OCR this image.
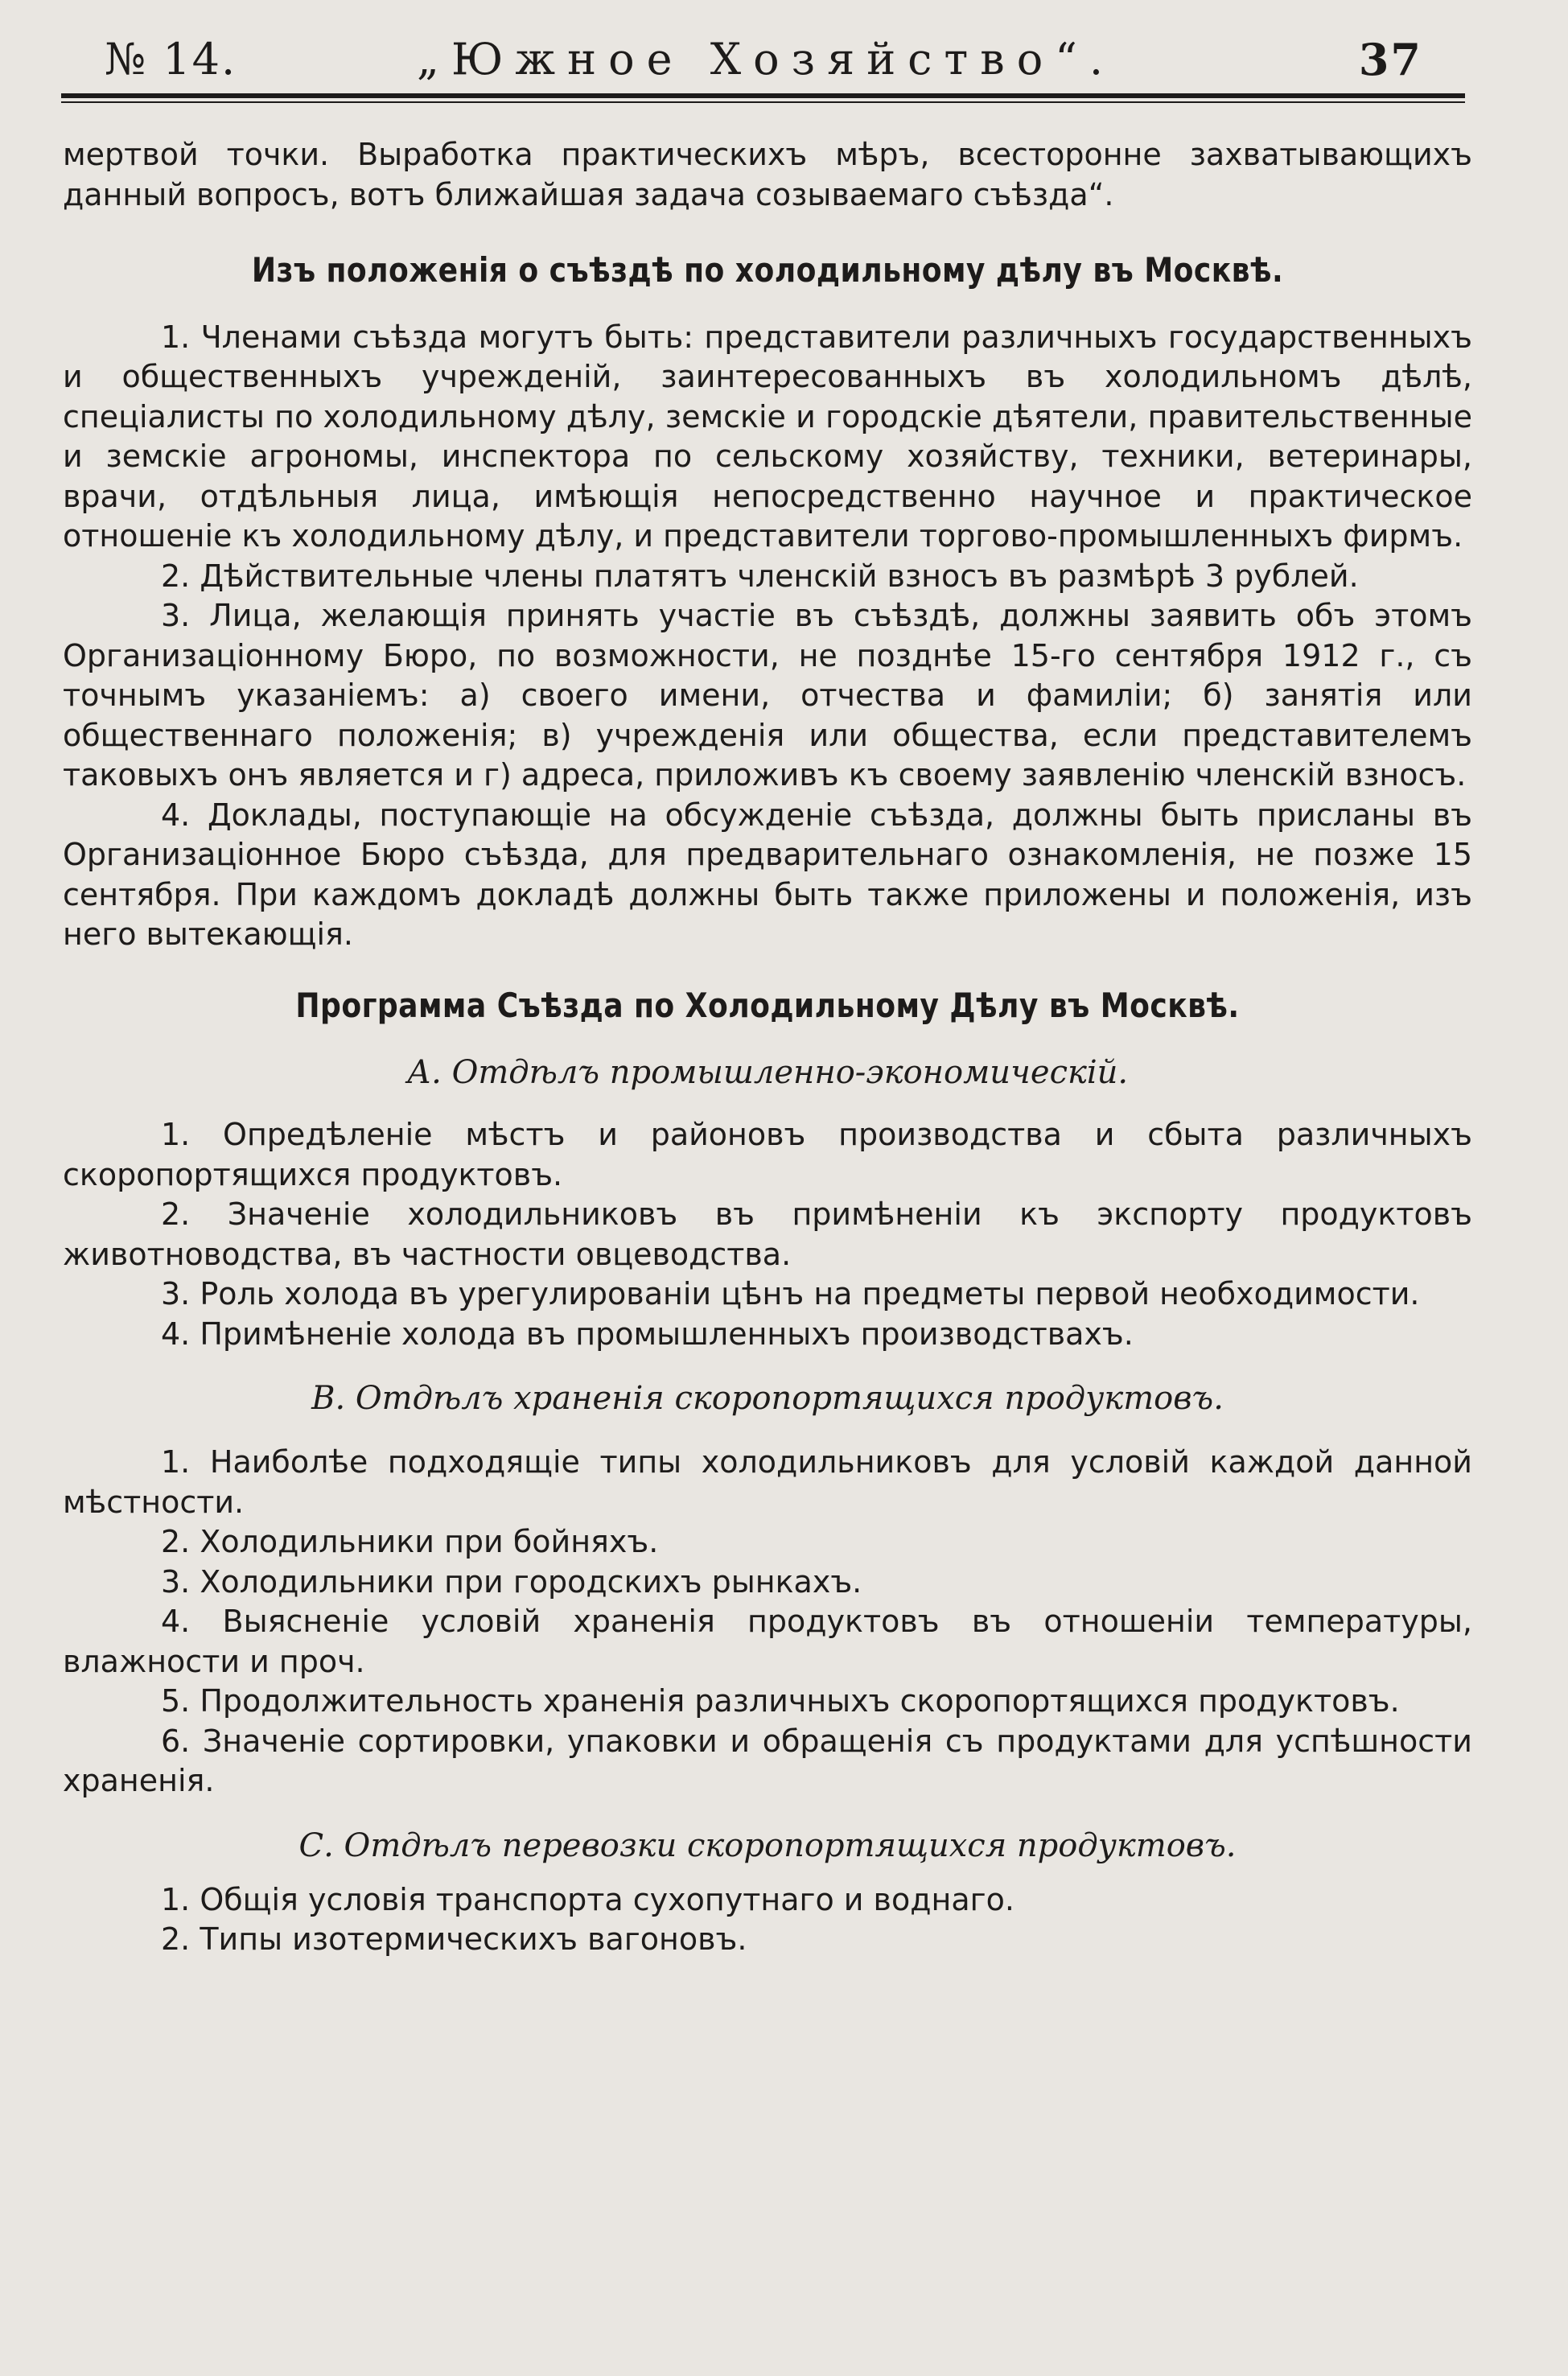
№ 14.	„Южное Хозяйство“.	37

мертвой точки. Выработка практическихъ мѣръ, всесторонне захватывающихъ данный вопросъ, вотъ ближайшая задача созываемаго съѣзда“.

Изъ положенія о съѣздѣ по холодильному дѣлу въ Москвѣ.

1. Членами съѣзда могутъ быть: представители различныхъ государственныхъ и общественныхъ учрежденій, заинтересованныхъ въ холодильномъ дѣлѣ, спеціалисты по холодильному дѣлу, земскіе и городскіе дѣятели, правительственные и земскіе агрономы, инспектора по сельскому хозяйству, техники, ветеринары, врачи, отдѣльныя лица, имѣющія непосредственно научное и практическое отношеніе къ холодильному дѣлу, и представители торгово-промышленныхъ фирмъ.

2. Дѣйствительные члены платятъ членскій взносъ въ размѣрѣ 3 рублей.

3. Лица, желающія принять участіе въ съѣздѣ, должны заявить объ этомъ Организаціонному Бюро, по возможности, не позднѣе 15-го сентября 1912 г., съ точнымъ указаніемъ: а) своего имени, отчества и фамиліи; б) занятія или общественнаго положенія; в) учрежденія или общества, если представителемъ таковыхъ онъ является и г) адреса, приложивъ къ своему заявленію членскій взносъ.

4. Доклады, поступающіе на обсужденіе съѣзда, должны быть присланы въ Организаціонное Бюро съѣзда, для предварительнаго ознакомленія, не позже 15 сентября. При каждомъ докладѣ должны быть также приложены и положенія, изъ него вытекающія.

Программа Съѣзда по Холодильному Дѣлу въ Москвѣ.

А. Отдѣлъ промышленно-экономическій.

1. Опредѣленіе мѣстъ и районовъ производства и сбыта различныхъ скоропортящихся продуктовъ.

2. Значеніе холодильниковъ въ примѣненіи къ экспорту продуктовъ животноводства, въ частности овцеводства.

3. Роль холода въ урегулированіи цѣнъ на предметы первой необходимости.

4. Примѣненіе холода въ промышленныхъ производствахъ.

В. Отдѣлъ храненія скоропортящихся продуктовъ.

1. Наиболѣе подходящіе типы холодильниковъ для условій каждой данной мѣстности.

2. Холодильники при бойняхъ.

3. Холодильники при городскихъ рынкахъ.

4. Выясненіе условій храненія продуктовъ въ отношеніи температуры, влажности и проч.

5. Продолжительность храненія различныхъ скоропортящихся продуктовъ.

6. Значеніе сортировки, упаковки и обращенія съ продуктами для успѣшности храненія.

С. Отдѣлъ перевозки скоропортящихся продуктовъ.

1. Общія условія транспорта сухопутнаго и воднаго.

2. Типы изотермическихъ вагоновъ.
